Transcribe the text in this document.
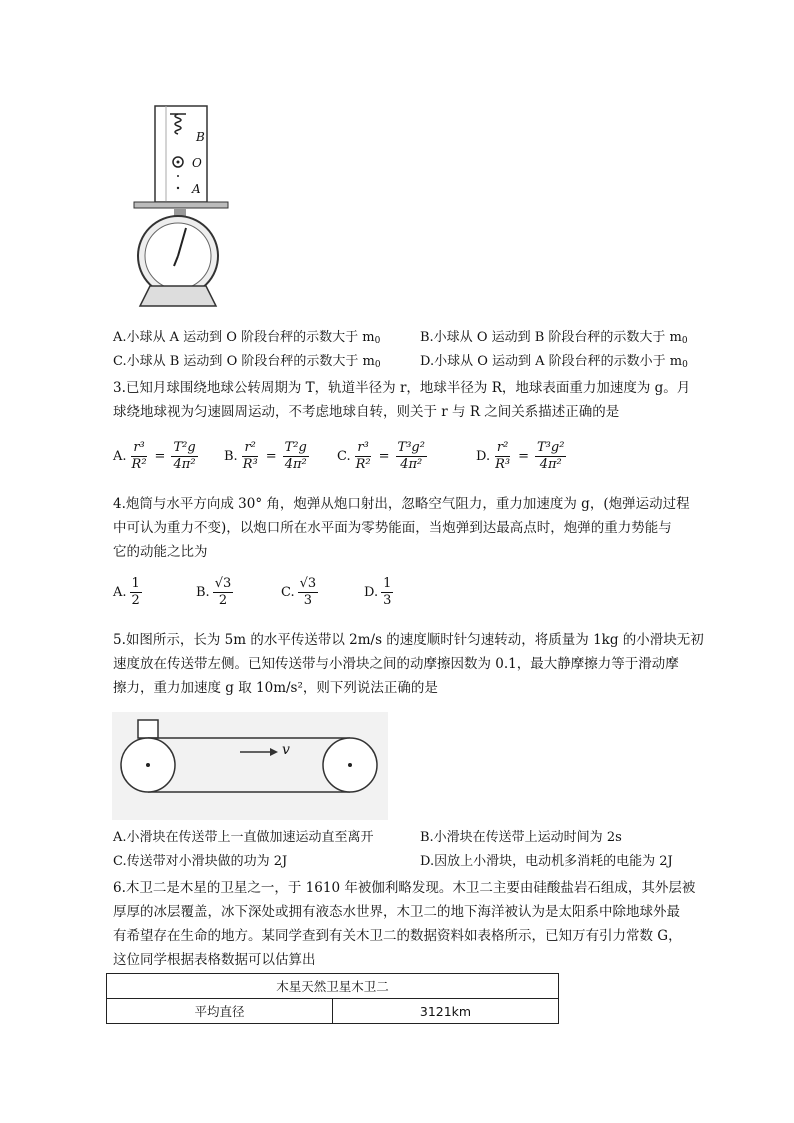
B
O
A
A.小球从 A 运动到 O 阶段台秤的示数大于 $m_0$	B.小球从 O 运动到 B 阶段台秤的示数大于 $m_0$
C.小球从 B 运动到 O 阶段台秤的示数大于 $m_0$	D.小球从 O 运动到 A 阶段台秤的示数小于 $m_0$
3.已知月球围绕地球公转周期为 T，轨道半径为 r，地球半径为 R，地球表面重力加速度为 g。月
球绕地球视为匀速圆周运动，不考虑地球自转，则关于 r 与 R 之间关系描述正确的是
A. $\frac{\text{r³}}{\text{R²}} = \frac{\text{T²g}}{\text{4π²}} B$. $\frac{\text{r²}}{\text{R³}} = \frac{\text{T²g}}{\text{4π²}} C$. $\frac{\text{r³}}{\text{R²}} = \frac{\text{T³g²}}{\text{4π²}}$	D. $\frac{\text{r²}}{\text{R³}} = \frac{\text{T³g²}}{\text{4π²}}$
4.炮筒与水平方向成 30° 角，炮弹从炮口射出，忽略空气阻力，重力加速度为 g，(炮弹运动过程
中可认为重力不变)，以炮口所在水平面为零势能面，当炮弹到达最高点时，炮弹的重力势能与
它的动能之比为
A. $\frac{1}{2}$	B. $\frac{√3}{2}$	C. $\frac{√3}{3}$	D. $\frac{1}{3}$
5.如图所示，长为 5m 的水平传送带以 2m/s 的速度顺时针匀速转动，将质量为 1kg 的小滑块无初
速度放在传送带左侧。已知传送带与小滑块之间的动摩擦因数为 0.1，最大静摩擦力等于滑动摩
擦力，重力加速度 g 取 10m/s²，则下列说法正确的是
v
A.小滑块在传送带上一直做加速运动直至离开	B.小滑块在传送带上运动时间为 2s
C.传送带对小滑块做的功为 2J	D.因放上小滑块，电动机多消耗的电能为 2J
6.木卫二是木星的卫星之一，于 1610 年被伽利略发现。木卫二主要由硅酸盐岩石组成，其外层被
厚厚的冰层覆盖，冰下深处或拥有液态水世界，木卫二的地下海洋被认为是太阳系中除地球外最
有希望存在生命的地方。某同学查到有关木卫二的数据资料如表格所示，已知万有引力常数 G，
这位同学根据表格数据可以估算出
木星天然卫星木卫二
平均直径	3121km
